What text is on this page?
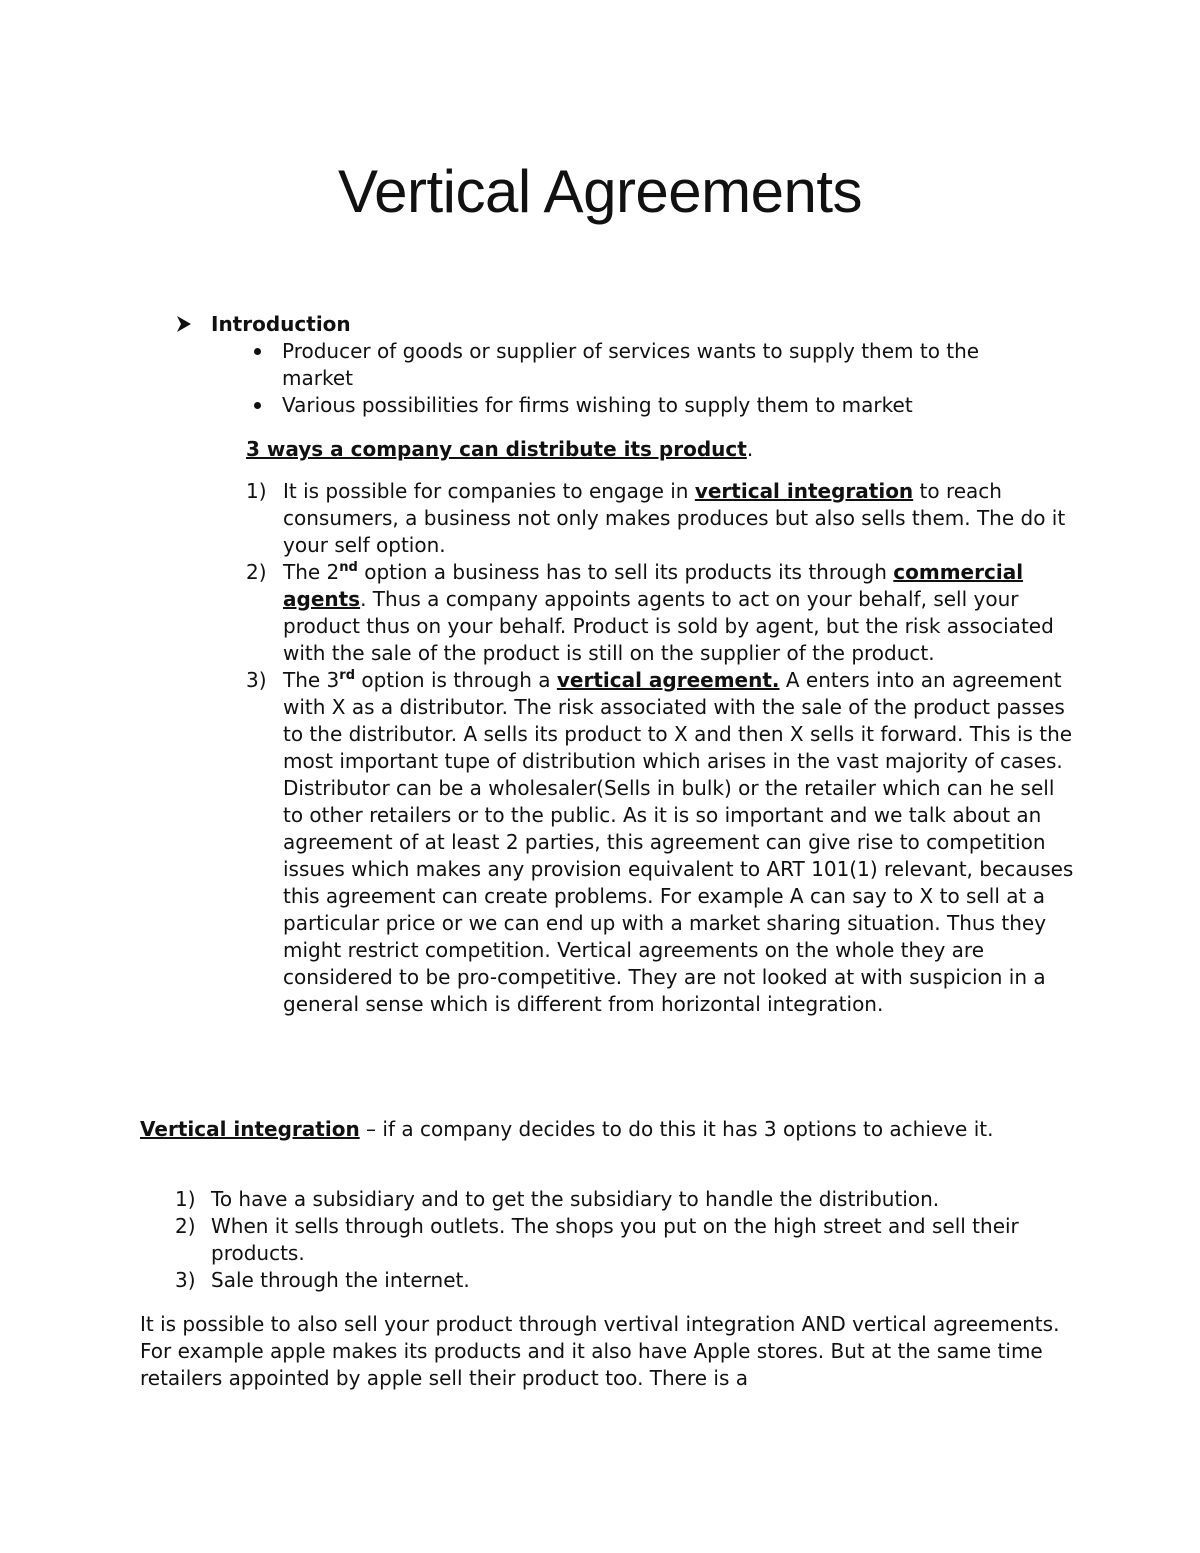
Vertical Agreements
Introduction
Producer of goods or supplier of services wants to supply them to the market
Various possibilities for firms wishing to supply them to market
3 ways a company can distribute its product.
1) It is possible for companies to engage in vertical integration to reach consumers, a business not only makes produces but also sells them. The do it your self option.
2) The 2nd option a business has to sell its products its through commercial agents. Thus a company appoints agents to act on your behalf, sell your product thus on your behalf. Product is sold by agent, but the risk associated with the sale of the product is still on the supplier of the product.
3) The 3rd option is through a vertical agreement. A enters into an agreement with X as a distributor. The risk associated with the sale of the product passes to the distributor. A sells its product to X and then X sells it forward. This is the most important tupe of distribution which arises in the vast majority of cases. Distributor can be a wholesaler(Sells in bulk) or the retailer which can he sell to other retailers or to the public. As it is so important and we talk about an agreement of at least 2 parties, this agreement can give rise to competition issues which makes any provision equivalent to ART 101(1) relevant, becauses this agreement can create problems. For example A can say to X to sell at a particular price or we can end up with a market sharing situation. Thus they might restrict competition. Vertical agreements on the whole they are considered to be pro-competitive. They are not looked at with suspicion in a general sense which is different from horizontal integration.
Vertical integration – if a company decides to do this it has 3 options to achieve it.
1) To have a subsidiary and to get the subsidiary to handle the distribution.
2) When it sells through outlets. The shops you put on the high street and sell their products.
3) Sale through the internet.
It is possible to also sell your product through vertival integration AND vertical agreements. For example apple makes its products and it also have Apple stores. But at the same time retailers appointed by apple sell their product too. There is a
